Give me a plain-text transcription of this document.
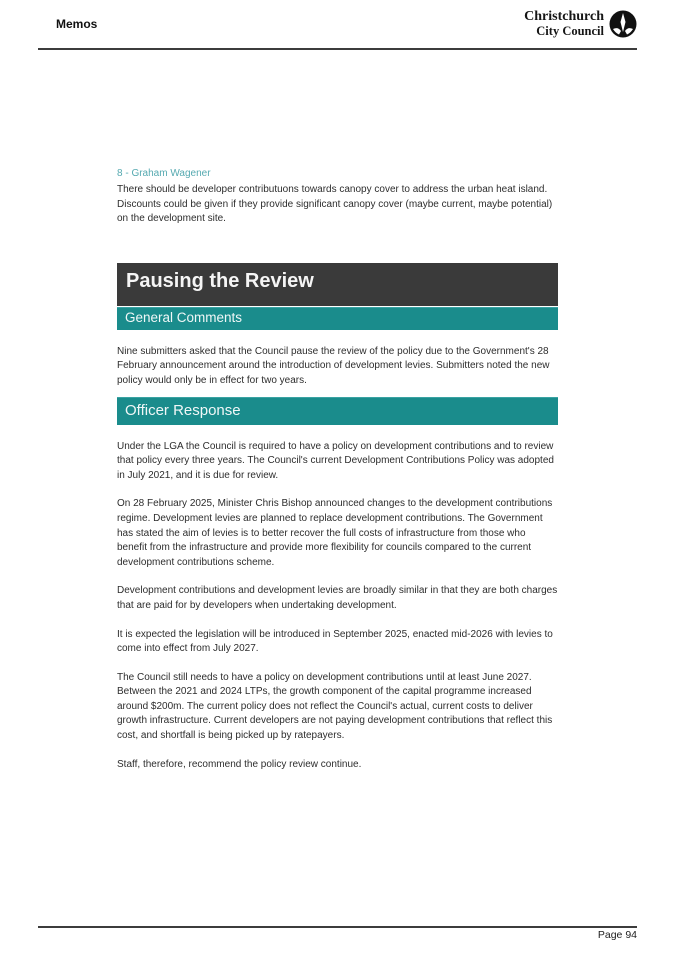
Memos	Christchurch
City Council
8 - Graham Wagener
There should be developer contributuons towards canopy cover to address the urban heat island. Discounts could be given if they provide significant canopy cover (maybe current, maybe potential) on the development site.
Pausing the Review
General Comments

Nine submitters asked that the Council pause the review of the policy due to the Government's 28 February announcement around the introduction of development levies. Submitters noted the new policy would only be in effect for two years.

Officer Response

Under the LGA the Council is required to have a policy on development contributions and to review that policy every three years. The Council's current Development Contributions Policy was adopted in July 2021, and it is due for review.

On 28 February 2025, Minister Chris Bishop announced changes to the development contributions regime. Development levies are planned to replace development contributions. The Government has stated the aim of levies is to better recover the full costs of infrastructure from those who benefit from the infrastructure and provide more flexibility for councils compared to the current development contributions scheme.

Development contributions and development levies are broadly similar in that they are both charges that are paid for by developers when undertaking development.

It is expected the legislation will be introduced in September 2025, enacted mid-2026 with levies to come into effect from July 2027.

The Council still needs to have a policy on development contributions until at least June 2027. Between the 2021 and 2024 LTPs, the growth component of the capital programme increased around $200m. The current policy does not reflect the Council's actual, current costs to deliver growth infrastructure. Current developers are not paying development contributions that reflect this cost, and shortfall is being picked up by ratepayers.

Staff, therefore, recommend the policy review continue.

Page 94
